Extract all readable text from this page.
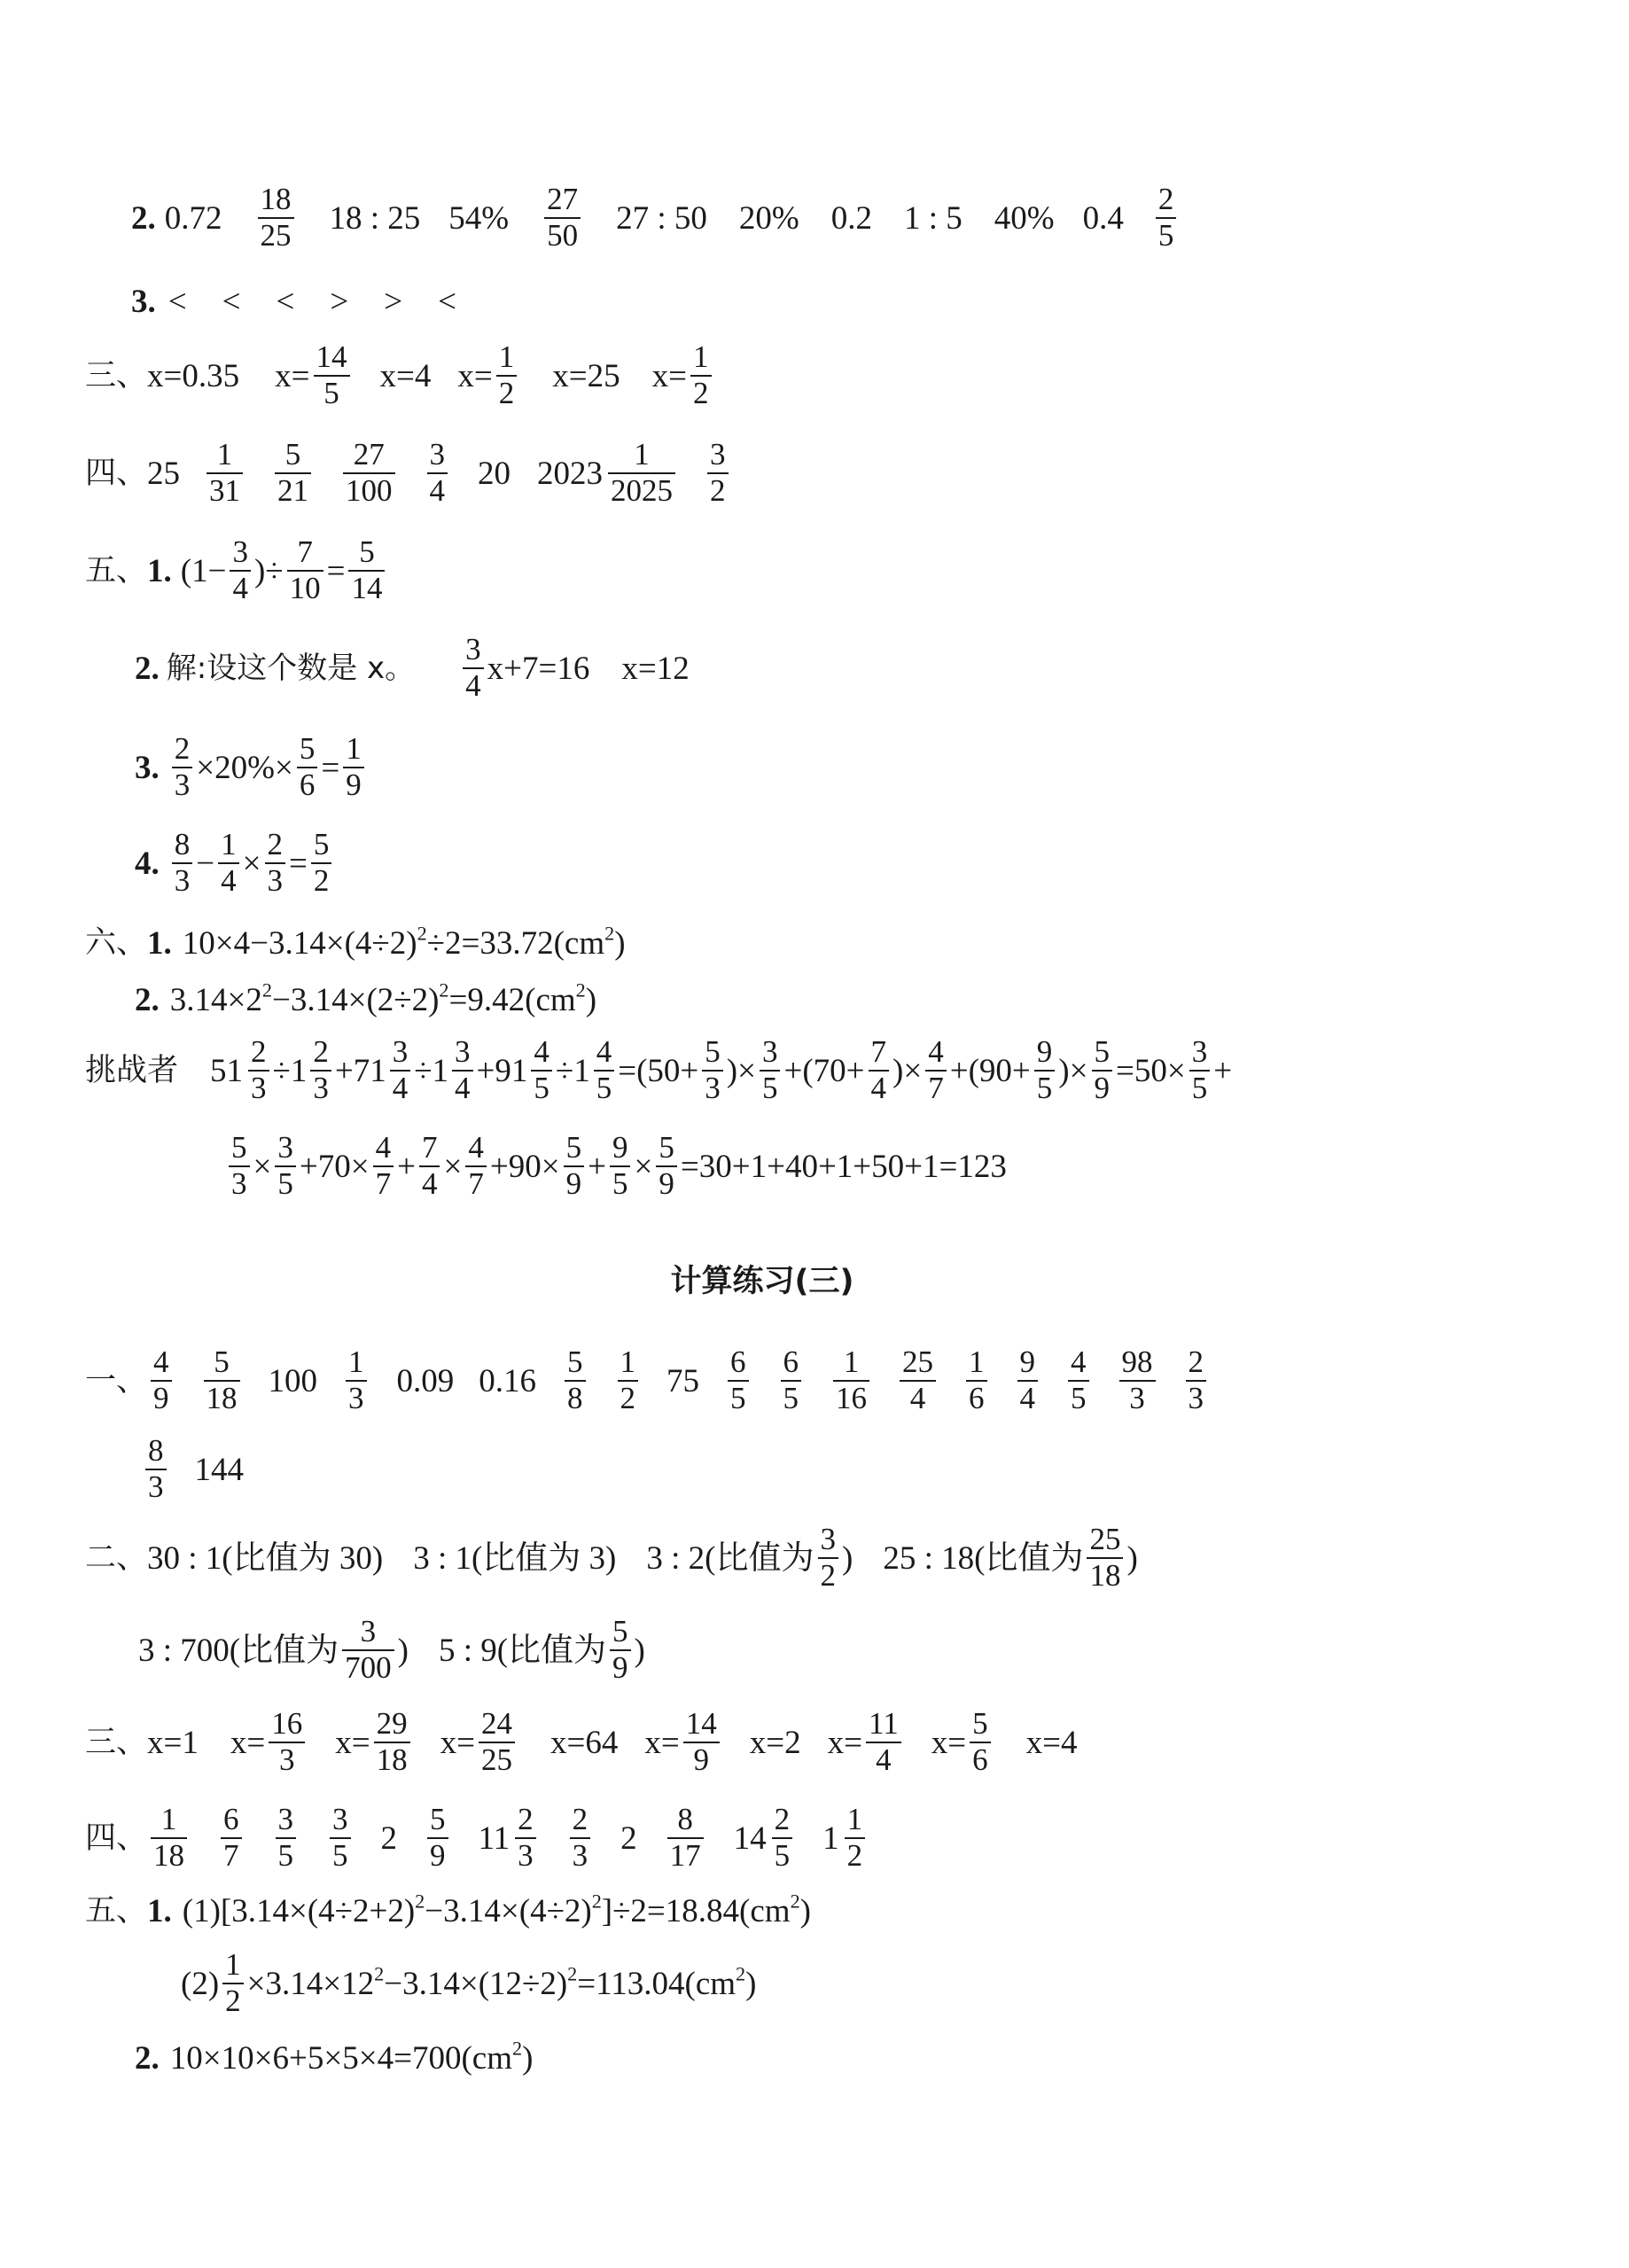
2. 0.72
18
25 18 : 25 54%
27
50 27 : 50 20% 0.2 1 : 5 40% 0.4
2
5
3. < < < > > <
三、 x=0.35 $x= \frac{14}{5} x=4$ $x= \frac{1}{2} x=25$ $x= \frac{1}{2}$
四、 25
1
31
5
21
27
100
3
4 20 2023
1
2025
3
2
五、 1. ($1- \frac{3}{4}$ )÷ $\frac{7}{10} = \frac{5}{14}$
2. 解:设这个数是 x。
3
4 x+7=16 x=12
3. $\frac{2}{3} \times 20\%\times \frac{5}{6} = \frac{1}{9}$
4.
8
$3 - \frac{1}{4} \times \frac{2}{3} = \frac{5}{2}$
六、 1. $10\times 4-3.14\times(4\div 2)^2\div 2=33.72(cm^2)$
2. $3.14\times 2^2-3.14\times(2\div 2)^2=9.42(cm^2)$
挑战者 51
2
3 ÷1
2
$3 +71 \frac{3}{4} \div 1$
3
$4 +91 \frac{4}{5} \div 1 \frac{4}{5} =(50+ \frac{5}{3}$ )× $\frac{3}{5} +(70+ \frac{7}{4}$ )× $\frac{4}{7} +(90+ \frac{9}{5}$ )× $\frac{5}{9} =50\times \frac{3}{5}$ +
$\frac{5}{3} \times \frac{3}{5} +70\times \frac{4}{7} + \frac{7}{4} \times \frac{4}{7} +90\times \frac{5}{9} + \frac{9}{5} \times \frac{5}{9} =30+1+40+1+50+1=123$
计算练习(三)
一、
4
9
5
18 100
1
3 0.09 0.16
5
8
1
2 75
6
5
6
5
1
16
25
4
1
6
9
4
4
5
98
3
2
3
8
3 144
二、 30 : 1(比值为 30) 3 : 1(比值为 3) 3 : 2(比值为
3
2 ) 25 : 18(比值为
25
18 )
3 : 700(比值为
3
700 ) 5 : 9(比值为
5
9 )
三、 x=1 $x= \frac{16}{3} x= \frac{29}{18} x= \frac{24}{25} x=64$ $x= \frac{14}{9} x=2$ $x= \frac{11}{4} x= \frac{5}{6} x=4$
四、
1
18
6
7
3
5
3
5 2
5
9 11
2
3
2
3 2
8
17 14
2
5 1
1
2
五、 1. $(1)[3.14\times(4\div 2+2)^2-3.14\times(4\div 2)^2]\div 2=18.84(cm^2)$
$(2) \frac{1}{2} \times 3.14\times 12^2-3.14\times(12\div 2)^2=113.04(cm^2)$
2. $10\times 10\times 6+5\times 5\times 4=700(cm^2)$
